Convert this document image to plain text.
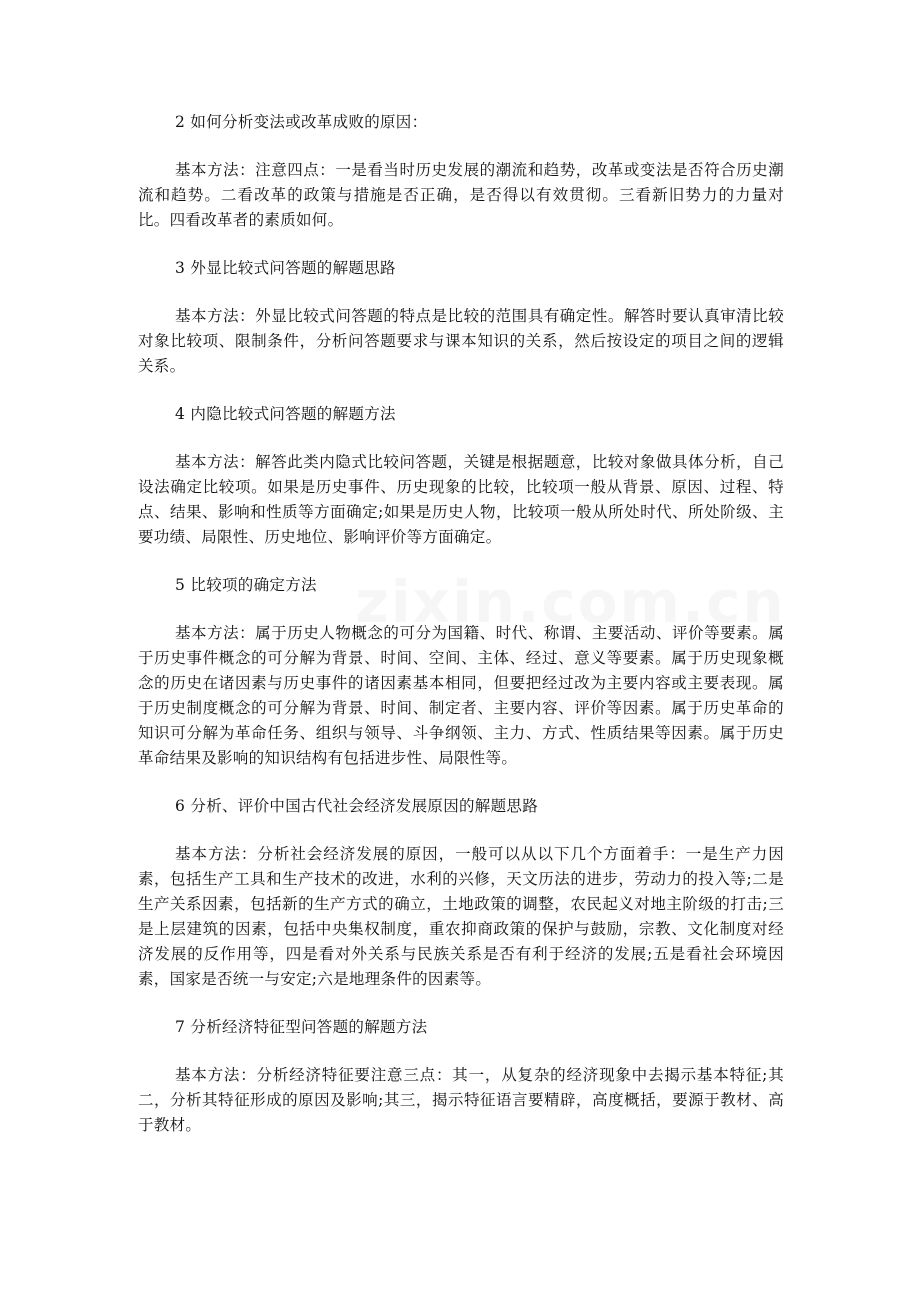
2 如何分析变法或改革成败的原因：

基本方法：注意四点：一是看当时历史发展的潮流和趋势，改革或变法是否符合历史潮流和趋势。二看改革的政策与措施是否正确，是否得以有效贯彻。三看新旧势力的力量对比。四看改革者的素质如何。

3 外显比较式问答题的解题思路

基本方法：外显比较式问答题的特点是比较的范围具有确定性。解答时要认真审清比较对象比较项、限制条件，分析问答题要求与课本知识的关系，然后按设定的项目之间的逻辑关系。

4 内隐比较式问答题的解题方法

基本方法：解答此类内隐式比较问答题，关键是根据题意，比较对象做具体分析，自己设法确定比较项。如果是历史事件、历史现象的比较，比较项一般从背景、原因、过程、特点、结果、影响和性质等方面确定;如果是历史人物，比较项一般从所处时代、所处阶级、主要功绩、局限性、历史地位、影响评价等方面确定。

5 比较项的确定方法

基本方法：属于历史人物概念的可分为国籍、时代、称谓、主要活动、评价等要素。属于历史事件概念的可分解为背景、时间、空间、主体、经过、意义等要素。属于历史现象概念的历史在诸因素与历史事件的诸因素基本相同，但要把经过改为主要内容或主要表现。属于历史制度概念的可分解为背景、时间、制定者、主要内容、评价等因素。属于历史革命的知识可分解为革命任务、组织与领导、斗争纲领、主力、方式、性质结果等因素。属于历史革命结果及影响的知识结构有包括进步性、局限性等。

6 分析、评价中国古代社会经济发展原因的解题思路

基本方法：分析社会经济发展的原因，一般可以从以下几个方面着手：一是生产力因素，包括生产工具和生产技术的改进，水利的兴修，天文历法的进步，劳动力的投入等;二是生产关系因素，包括新的生产方式的确立，土地政策的调整，农民起义对地主阶级的打击;三是上层建筑的因素，包括中央集权制度，重农抑商政策的保护与鼓励，宗教、文化制度对经济发展的反作用等，四是看对外关系与民族关系是否有利于经济的发展;五是看社会环境因素，国家是否统一与安定;六是地理条件的因素等。

7 分析经济特征型问答题的解题方法

基本方法：分析经济特征要注意三点：其一，从复杂的经济现象中去揭示基本特征;其二，分析其特征形成的原因及影响;其三，揭示特征语言要精辟，高度概括，要源于教材、高于教材。
